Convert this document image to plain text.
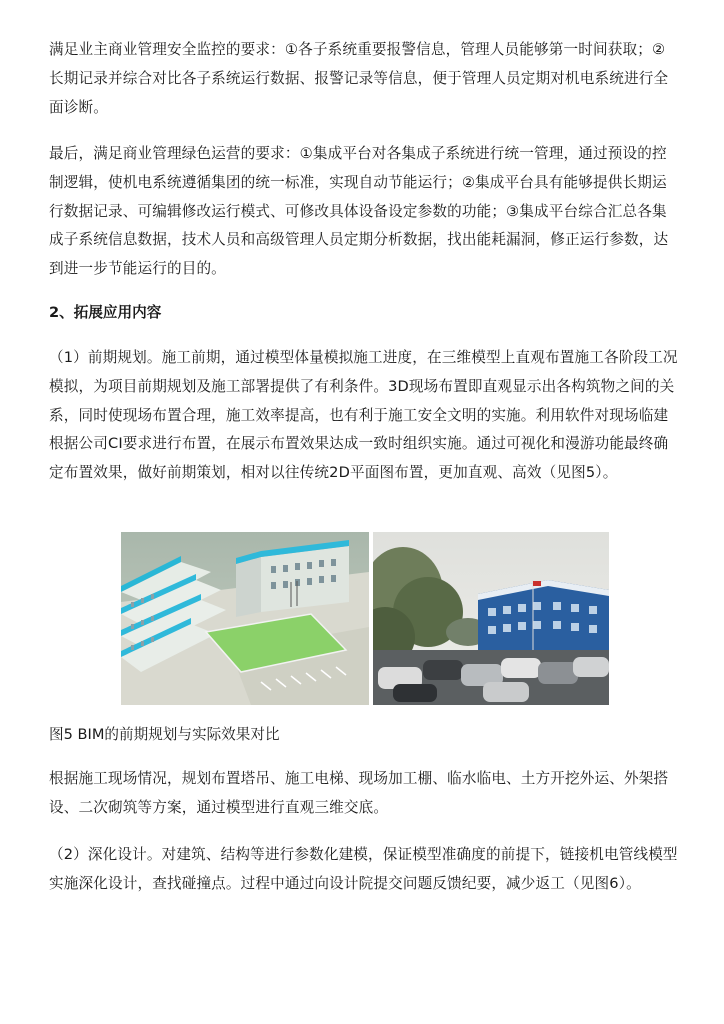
满足业主商业管理安全监控的要求：①各子系统重要报警信息，管理人员能够第一时间获取；②长期记录并综合对比各子系统运行数据、报警记录等信息，便于管理人员定期对机电系统进行全面诊断。

最后，满足商业管理绿色运营的要求：①集成平台对各集成子系统进行统一管理，通过预设的控制逻辑，使机电系统遵循集团的统一标准，实现自动节能运行；②集成平台具有能够提供长期运行数据记录、可编辑修改运行模式、可修改具体设备设定参数的功能；③集成平台综合汇总各集成子系统信息数据，技术人员和高级管理人员定期分析数据，找出能耗漏洞，修正运行参数，达到进一步节能运行的目的。

2、拓展应用内容

（1）前期规划。施工前期，通过模型体量模拟施工进度，在三维模型上直观布置施工各阶段工况模拟，为项目前期规划及施工部署提供了有利条件。3D现场布置即直观显示出各构筑物之间的关系，同时使现场布置合理，施工效率提高，也有利于施工安全文明的实施。利用软件对现场临建根据公司CI要求进行布置，在展示布置效果达成一致时组织实施。通过可视化和漫游功能最终确定布置效果，做好前期策划，相对以往传统2D平面图布置，更加直观、高效（见图5）。

图5 BIM的前期规划与实际效果对比

根据施工现场情况，规划布置塔吊、施工电梯、现场加工棚、临水临电、土方开挖外运、外架搭设、二次砌筑等方案，通过模型进行直观三维交底。

（2）深化设计。对建筑、结构等进行参数化建模，保证模型准确度的前提下，链接机电管线模型实施深化设计，查找碰撞点。过程中通过向设计院提交问题反馈纪要，减少返工（见图6）。
